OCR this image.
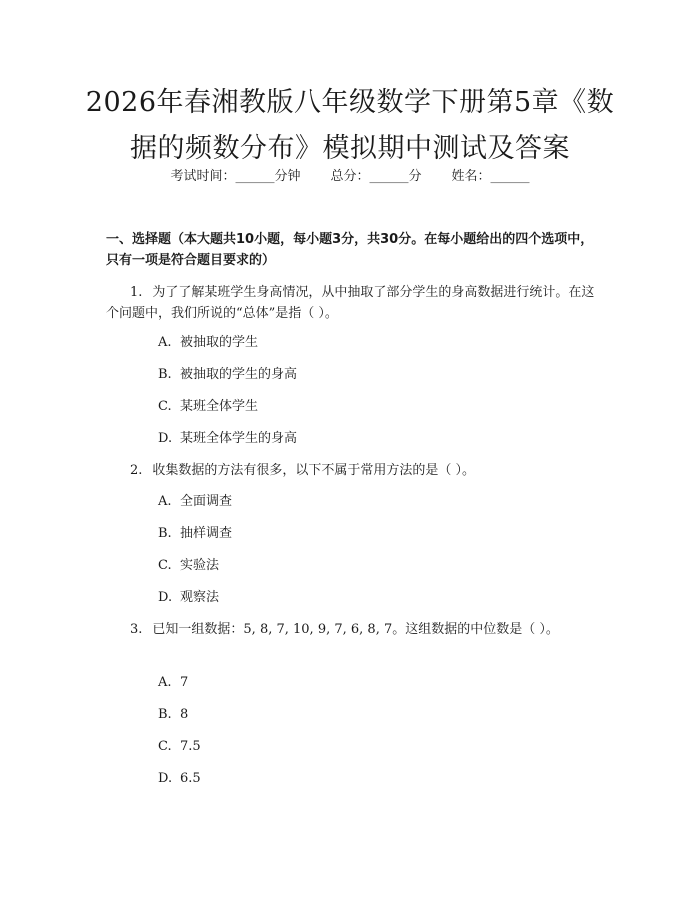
2026年春湘教版八年级数学下册第5章《数
据的频数分布》模拟期中测试及答案
考试时间：______分钟 总分：______分 姓名：______

一、选择题（本大题共10小题，每小题3分，共30分。在每小题给出的四个选项中，只有一项是符合题目要求的）

1. 为了了解某班学生身高情况，从中抽取了部分学生的身高数据进行统计。在这个问题中，我们所说的“总体”是指（ ）。

A. 被抽取的学生
B. 被抽取的学生的身高
C. 某班全体学生
D. 某班全体学生的身高

2. 收集数据的方法有很多，以下不属于常用方法的是（ ）。

A. 全面调查
B. 抽样调查
C. 实验法
D. 观察法

3. 已知一组数据：5, 8, 7, 10, 9, 7, 6, 8, 7。这组数据的中位数是（ ）。

A. 7
B. 8
C. 7.5
D. 6.5
